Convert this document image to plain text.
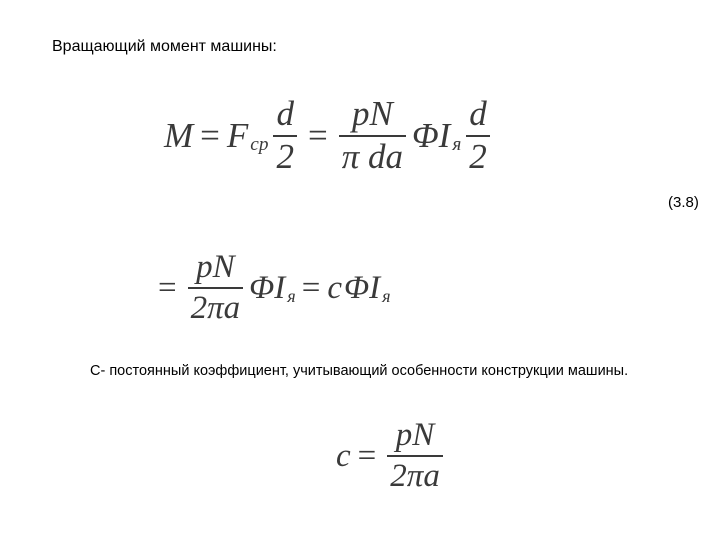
Вращающий момент машины:
M = F ср $\frac{d}{2} = \frac{pN}{\text{π da}}$ ΦI я $\frac{d}{2}$
(3.8)
= $\frac{pN}{2\pi a}$ ΦI я = c ΦI я
С- постоянный коэффициент, учитывающий особенности конструкции машины.
$c = \frac{pN}{2\pi a}$
